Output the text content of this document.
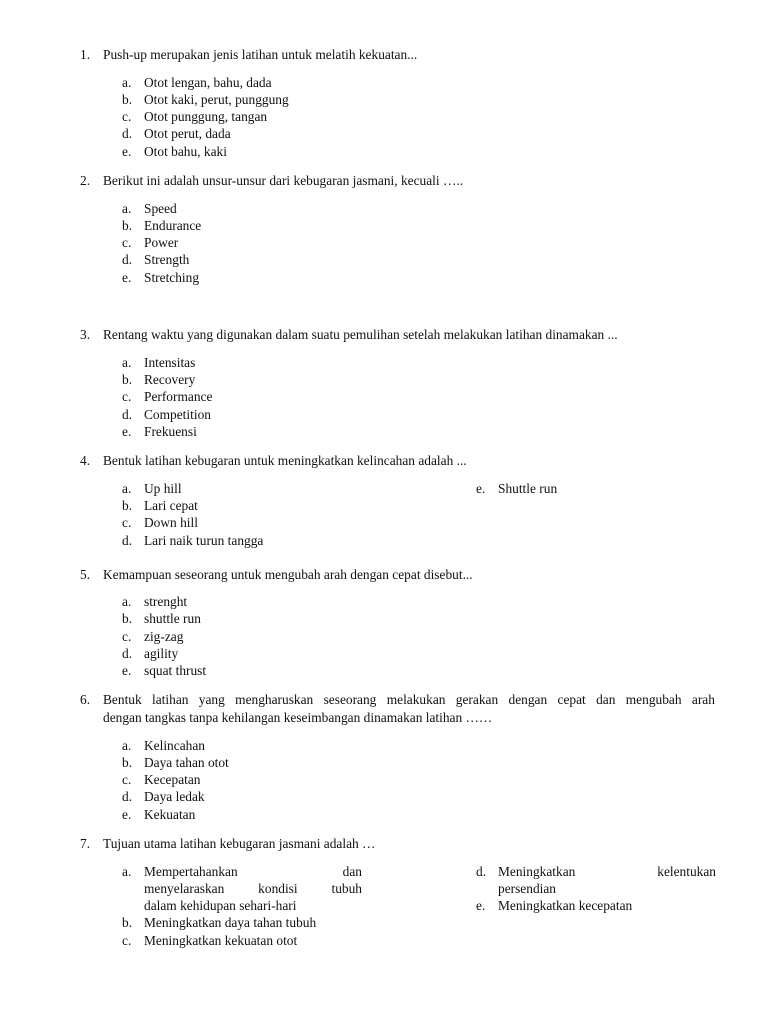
1. Push-up merupakan jenis latihan untuk melatih kekuatan...
a. Otot lengan, bahu, dada
b. Otot kaki, perut, punggung
c. Otot punggung, tangan
d. Otot perut, dada
e. Otot bahu, kaki
2. Berikut ini adalah unsur-unsur dari kebugaran jasmani, kecuali …..
a. Speed
b. Endurance
c. Power
d. Strength
e. Stretching
3. Rentang waktu yang digunakan dalam suatu pemulihan setelah melakukan latihan dinamakan ...
a. Intensitas
b. Recovery
c. Performance
d. Competition
e. Frekuensi
4. Bentuk latihan kebugaran untuk meningkatkan kelincahan adalah ...
a. Up hill
b. Lari cepat
c. Down hill
d. Lari naik turun tangga
e. Shuttle run
5. Kemampuan seseorang untuk mengubah arah dengan cepat disebut...
a. strenght
b. shuttle run
c. zig-zag
d. agility
e. squat thrust
6. Bentuk latihan yang mengharuskan seseorang melakukan gerakan dengan cepat dan mengubah arah
dengan tangkas tanpa kehilangan keseimbangan dinamakan latihan ……
a. Kelincahan
b. Daya tahan otot
c. Kecepatan
d. Daya ledak
e. Kekuatan
7. Tujuan utama latihan kebugaran jasmani adalah …
a. Mempertahankan	dan
menyelaraskan	kondisi	tubuh
dalam kehidupan sehari-hari
b. Meningkatkan daya tahan tubuh
c. Meningkatkan kekuatan otot
d. Meningkatkan	kelentukan
persendian
e. Meningkatkan kecepatan
